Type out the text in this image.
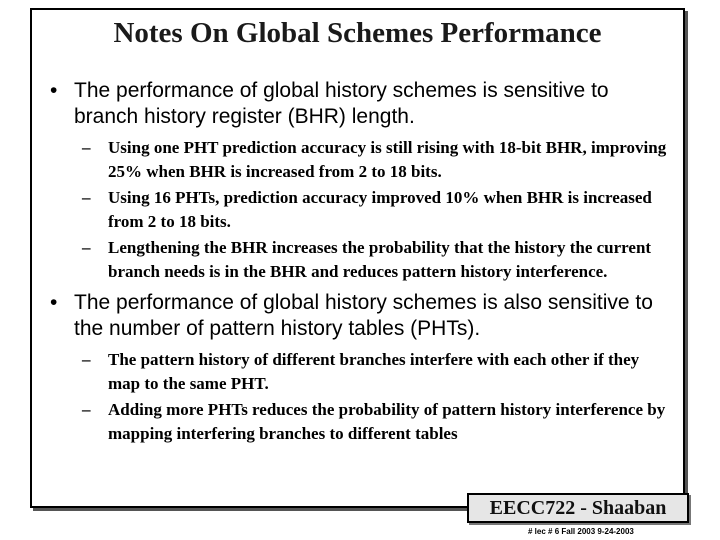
Notes On Global Schemes Performance
• The performance of global history schemes is sensitive to branch history register (BHR) length.
– Using one PHT prediction accuracy is still rising with 18-bit BHR, improving 25% when BHR is increased from 2 to 18 bits.
– Using 16 PHTs, prediction accuracy improved 10% when BHR is increased from 2 to 18 bits.
– Lengthening the BHR increases the probability that the history the current branch needs is in the BHR and reduces pattern history interference.
• The performance of global history schemes is also sensitive to the number of pattern history tables (PHTs).
– The pattern history of different branches interfere with each other if they map to the same PHT.
– Adding more PHTs reduces the probability of pattern history interference by mapping interfering branches to different tables
EECC722 - Shaaban
# lec # 6 Fall 2003 9-24-2003
